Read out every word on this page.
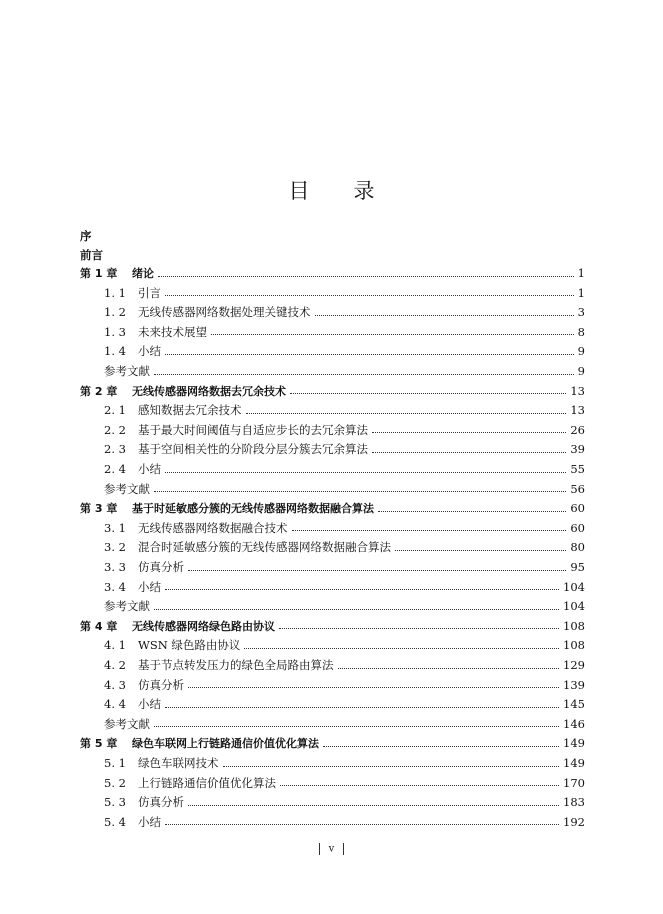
目 录
序
前言
第 1 章	绪论	1
1. 1	引言	1
1. 2	无线传感器网络数据处理关键技术	3
1. 3	未来技术展望	8
1. 4	小结	9
参考文献	9
第 2 章	无线传感器网络数据去冗余技术	13
2. 1	感知数据去冗余技术	13
2. 2	基于最大时间阈值与自适应步长的去冗余算法	26
2. 3	基于空间相关性的分阶段分层分簇去冗余算法	39
2. 4	小结	55
参考文献	56
第 3 章	基于时延敏感分簇的无线传感器网络数据融合算法	60
3. 1	无线传感器网络数据融合技术	60
3. 2	混合时延敏感分簇的无线传感器网络数据融合算法	80
3. 3	仿真分析	95
3. 4	小结	104
参考文献	104
第 4 章	无线传感器网络绿色路由协议	108
4. 1	WSN 绿色路由协议	108
4. 2	基于节点转发压力的绿色全局路由算法	129
4. 3	仿真分析	139
4. 4	小结	145
参考文献	146
第 5 章	绿色车联网上行链路通信价值优化算法	149
5. 1	绿色车联网技术	149
5. 2	上行链路通信价值优化算法	170
5. 3	仿真分析	183
5. 4	小结	192
v
